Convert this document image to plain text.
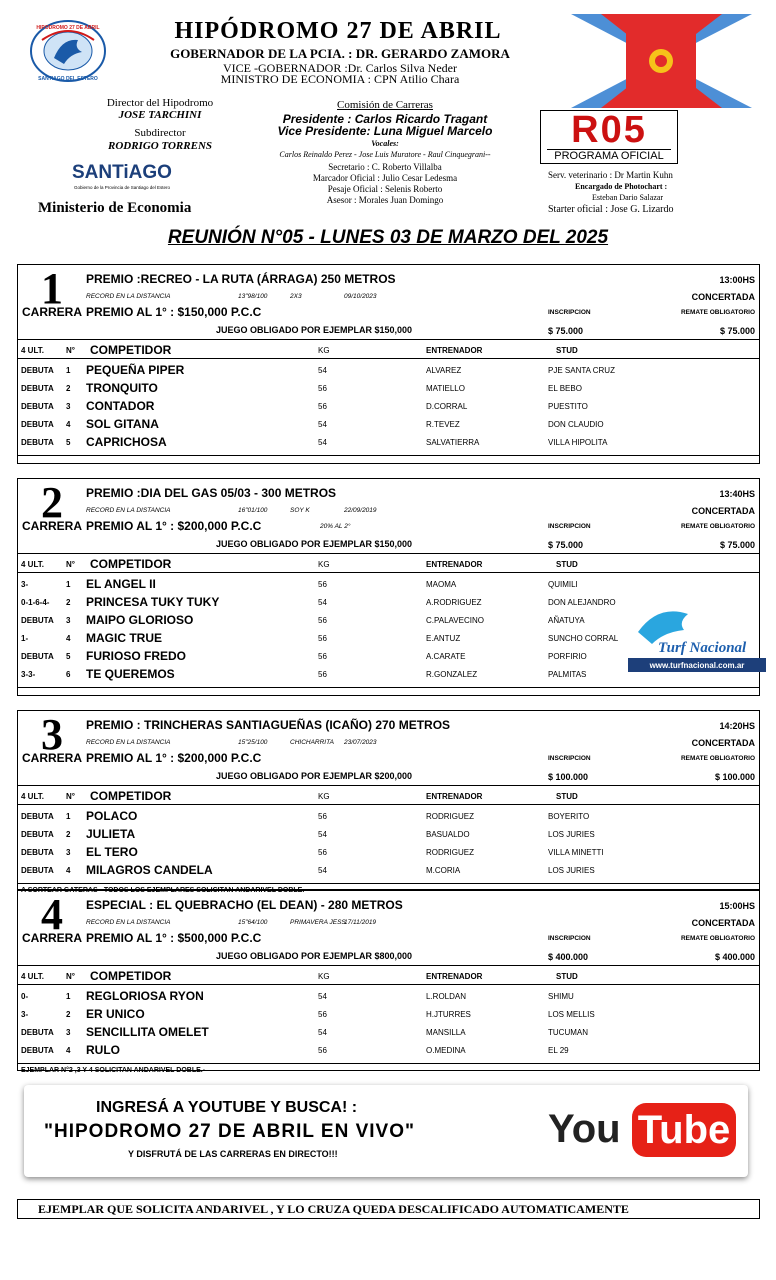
HIPODROMO 27 DE ABRIL
SANTIAGO DEL ESTERO
HIPÓDROMO 27 DE ABRIL
GOBERNADOR DE LA PCIA. : DR. GERARDO ZAMORA
VICE -GOBERNADOR :Dr. Carlos Silva Neder
MINISTRO DE ECONOMIA : CPN Atilio Chara
Director del Hipodromo
JOSE TARCHINI
Subdirector
RODRIGO TORRENS
SANTiAGO
Gobierno de la Provincia de Santiago del Estero
Ministerio de Economia
Comisión de Carreras
Presidente : Carlos Ricardo Tragant
Vice Presidente: Luna Miguel Marcelo
Vocales:
Carlos Reinaldo Perez - Jose Luis Muratore - Raul Cinquegrani--
Secretario : C. Roberto Villalba
Marcador Oficial : Julio Cesar Ledesma
Pesaje Oficial : Selenis Roberto
Asesor : Morales Juan Domingo
R05
PROGRAMA OFICIAL
Serv. veterinario : Dr Martin Kuhn
Encargado de Photochart :
Esteban Dario Salazar
Starter oficial : Jose G. Lizardo
REUNIÓN N°05 - LUNES 03 DE MARZO DEL 2025
1
CARRERA
PREMIO :RECREO - LA RUTA (ÁRRAGA) 250 METROS	13:00HS
RECORD EN LA DISTANCIA	13"98/100	2X3	09/10/2023	CONCERTADA
PREMIO AL 1° : $150,000 P.C.C	INSCRIPCION	REMATE OBLIGATORIO
JUEGO OBLIGADO POR EJEMPLAR $150,000	$ 75.000	$ 75.000
4 ULT.	N° COMPETIDOR	KG	ENTRENADOR	STUD
DEBUTA 1 PEQUEÑA PIPER	54	ALVAREZ	PJE SANTA CRUZ
DEBUTA 2 TRONQUITO	56	MATIELLO	EL BEBO
DEBUTA 3 CONTADOR	56	D.CORRAL	PUESTITO
DEBUTA 4 SOL GITANA	54	R.TEVEZ	DON CLAUDIO
DEBUTA 5 CAPRICHOSA	54	SALVATIERRA	VILLA HIPOLITA
2
CARRERA
PREMIO :DIA DEL GAS 05/03 - 300 METROS	13:40HS
RECORD EN LA DISTANCIA	16"01/100	SOY K	22/09/2019
20% AL 2°
CONCERTADA
PREMIO AL 1° : $200,000 P.C.C	INSCRIPCION	REMATE OBLIGATORIO
JUEGO OBLIGADO POR EJEMPLAR $150,000	$ 75.000	$ 75.000
4 ULT.	N° COMPETIDOR	KG	ENTRENADOR	STUD
3-	1 EL ANGEL II	56	MAOMA	QUIMILI
0-1-6-4- 2 PRINCESA TUKY TUKY	54	A.RODRIGUEZ	DON ALEJANDRO
DEBUTA 3 MAIPO GLORIOSO	56	C.PALAVECINO	AÑATUYA
1-	4 MAGIC TRUE	56	E.ANTUZ	SUNCHO CORRAL
DEBUTA 5 FURIOSO FREDO	56	A.CARATE	PORFIRIO
3-3-	6 TE QUEREMOS	56	R.GONZALEZ	PALMITAS
3
CARRERA
PREMIO : TRINCHERAS SANTIAGUEÑAS (ICAÑO) 270 METROS	14:20HS
RECORD EN LA DISTANCIA	15"25/100	CHICHARRITA 23/07/2023	CONCERTADA
PREMIO AL 1° : $200,000 P.C.C	INSCRIPCION	REMATE OBLIGATORIO
JUEGO OBLIGADO POR EJEMPLAR $200,000	$ 100.000	$ 100.000
4 ULT.	N° COMPETIDOR	KG	ENTRENADOR	STUD
DEBUTA 1 POLACO	56	RODRIGUEZ	BOYERITO
DEBUTA 2 JULIETA	54	BASUALDO	LOS JURIES
DEBUTA 3 EL TERO	56	RODRIGUEZ	VILLA MINETTI
DEBUTA 4 MILAGROS CANDELA	54	M.CORIA	LOS JURIES
A SORTEAR GATERAS - TODOS LOS EJEMPLARES SOLICITAN ANDARIVEL DOBLE.-
4
CARRERA
ESPECIAL : EL QUEBRACHO (EL DEAN) - 280 METROS	15:00HS
RECORD EN LA DISTANCIA	15"64/100	PRIMAVERA JESS
17/11/2019	CONCERTADA
PREMIO AL 1° : $500,000 P.C.C	INSCRIPCION	REMATE OBLIGATORIO
JUEGO OBLIGADO POR EJEMPLAR $800,000	$ 400.000	$ 400.000
4 ULT.	N° COMPETIDOR	KG	ENTRENADOR	STUD
0-	1 REGLORIOSA RYON	54	L.ROLDAN	SHIMU
3-	2 ER UNICO	56	H.JTURRES	LOS MELLIS
DEBUTA 3 SENCILLITA OMELET	54	MANSILLA	TUCUMAN
DEBUTA 4 RULO	56	O.MEDINA	EL 29
EJEMPLAR N°2 ,3 Y 4 SOLICITAN ANDARIVEL DOBLE.-
Turf Nacional
www.turfnacional.com.ar
INGRESÁ A YOUTUBE Y BUSCA! :
"HIPODROMO 27 DE ABRIL EN VIVO"
Y DISFRUTÁ DE LAS CARRERAS EN DIRECTO!!!
You Tube
EJEMPLAR QUE SOLICITA ANDARIVEL , Y LO CRUZA QUEDA DESCALIFICADO AUTOMATICAMENTE
